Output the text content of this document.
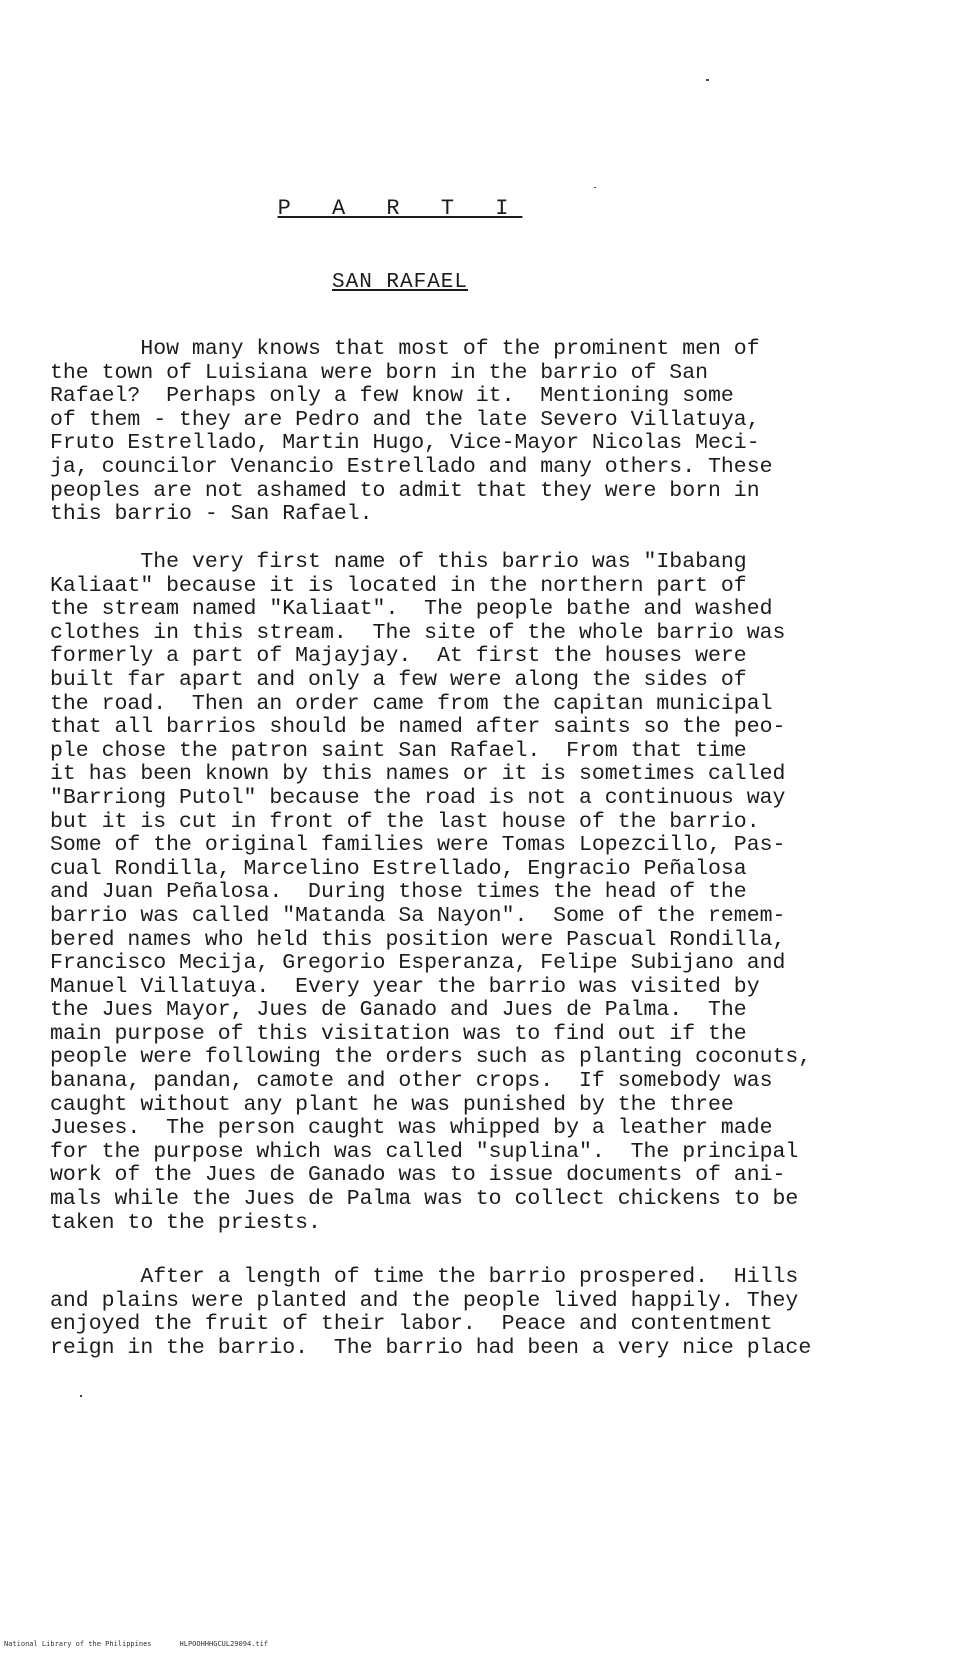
P A R T I
SAN RAFAEL

How many knows that most of the prominent men of
the town of Luisiana were born in the barrio of San
Rafael?  Perhaps only a few know it.  Mentioning some
of them - they are Pedro and the late Severo Villatuya,
Fruto Estrellado, Martin Hugo, Vice-Mayor Nicolas Meci-
ja, councilor Venancio Estrellado and many others. These
peoples are not ashamed to admit that they were born in
this barrio - San Rafael.

The very first name of this barrio was "Ibabang
Kaliaat" because it is located in the northern part of
the stream named "Kaliaat".  The people bathe and washed
clothes in this stream.  The site of the whole barrio was
formerly a part of Majayjay.  At first the houses were
built far apart and only a few were along the sides of
the road.  Then an order came from the capitan municipal
that all barrios should be named after saints so the peo-
ple chose the patron saint San Rafael.  From that time
it has been known by this names or it is sometimes called
"Barriong Putol" because the road is not a continuous way
but it is cut in front of the last house of the barrio.
Some of the original families were Tomas Lopezcillo, Pas-
cual Rondilla, Marcelino Estrellado, Engracio Peñalosa
and Juan Peñalosa.  During those times the head of the
barrio was called "Matanda Sa Nayon".  Some of the remem-
bered names who held this position were Pascual Rondilla,
Francisco Mecija, Gregorio Esperanza, Felipe Subijano and
Manuel Villatuya.  Every year the barrio was visited by
the Jues Mayor, Jues de Ganado and Jues de Palma.  The
main purpose of this visitation was to find out if the
people were following the orders such as planting coconuts,
banana, pandan, camote and other crops.  If somebody was
caught without any plant he was punished by the three
Jueses.  The person caught was whipped by a leather made
for the purpose which was called "suplina".  The principal
work of the Jues de Ganado was to issue documents of ani-
mals while the Jues de Palma was to collect chickens to be
taken to the priests.

After a length of time the barrio prospered.  Hills
and plains were planted and the people lived happily. They
enjoyed the fruit of their labor.  Peace and contentment
reign in the barrio.  The barrio had been a very nice place

National Library of the Philippines	HLPOOHHHGCUL29094.tif
